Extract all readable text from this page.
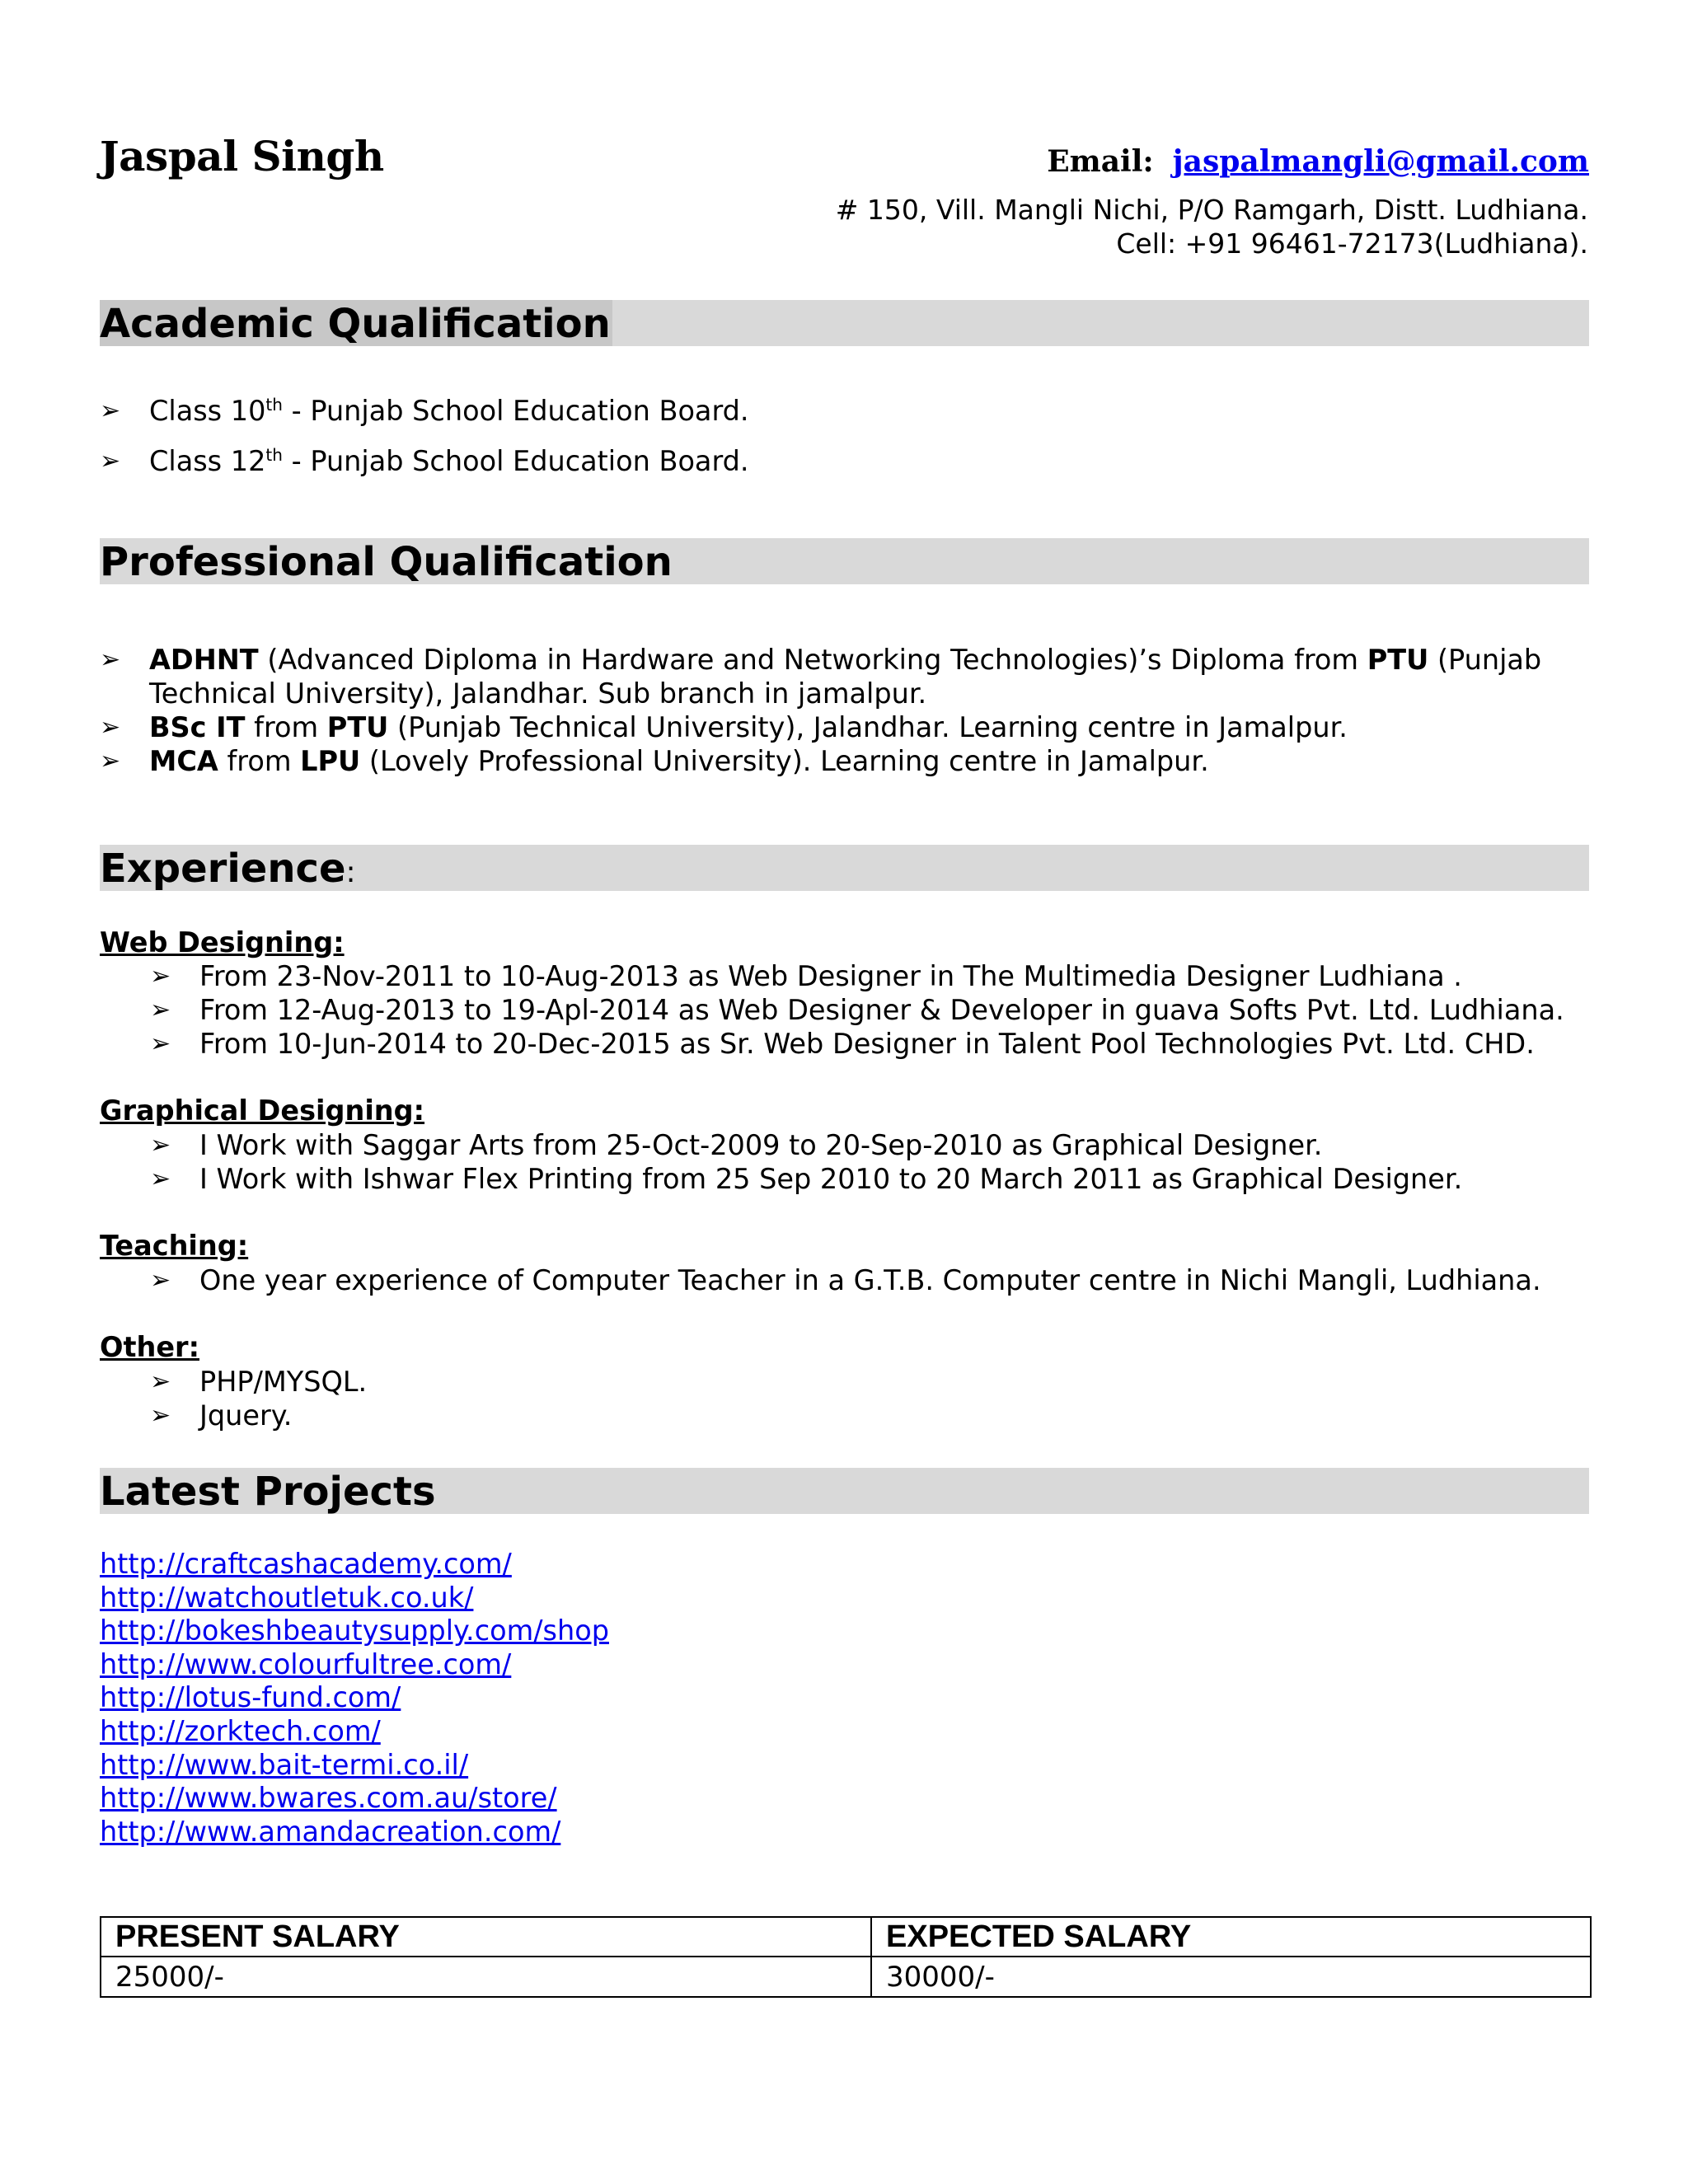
Jaspal Singh	Email: jaspalmangli@gmail.com
# 150, Vill. Mangli Nichi, P/O Ramgarh, Distt. Ludhiana.
Cell: +91 96461-72173(Ludhiana).
Academic Qualification
➢ Class 10th - Punjab School Education Board.
➢ Class 12th - Punjab School Education Board.
Professional Qualification
➢ ADHNT (Advanced Diploma in Hardware and Networking Technologies)’s Diploma from PTU (Punjab
Technical University), Jalandhar. Sub branch in jamalpur.
➢ BSc IT from PTU (Punjab Technical University), Jalandhar. Learning centre in Jamalpur.
➢ MCA from LPU (Lovely Professional University). Learning centre in Jamalpur.
Experience:
Web Designing:
➢ From 23-Nov-2011 to 10-Aug-2013 as Web Designer in The Multimedia Designer Ludhiana .
➢ From 12-Aug-2013 to 19-Apl-2014 as Web Designer & Developer in guava Softs Pvt. Ltd. Ludhiana.
➢ From 10-Jun-2014 to 20-Dec-2015 as Sr. Web Designer in Talent Pool Technologies Pvt. Ltd. CHD.
Graphical Designing:
➢ I Work with Saggar Arts from 25-Oct-2009 to 20-Sep-2010 as Graphical Designer.
➢ I Work with Ishwar Flex Printing from 25 Sep 2010 to 20 March 2011 as Graphical Designer.
Teaching:
➢ One year experience of Computer Teacher in a G.T.B. Computer centre in Nichi Mangli, Ludhiana.
Other:
➢ PHP/MYSQL.
➢ Jquery.
Latest Projects
http://craftcashacademy.com/
http://watchoutletuk.co.uk/
http://bokeshbeautysupply.com/shop
http://www.colourfultree.com/
http://lotus-fund.com/
http://zorktech.com/
http://www.bait-termi.co.il/
http://www.bwares.com.au/store/
http://www.amandacreation.com/
PRESENT SALARY	EXPECTED SALARY
25000/-	30000/-
